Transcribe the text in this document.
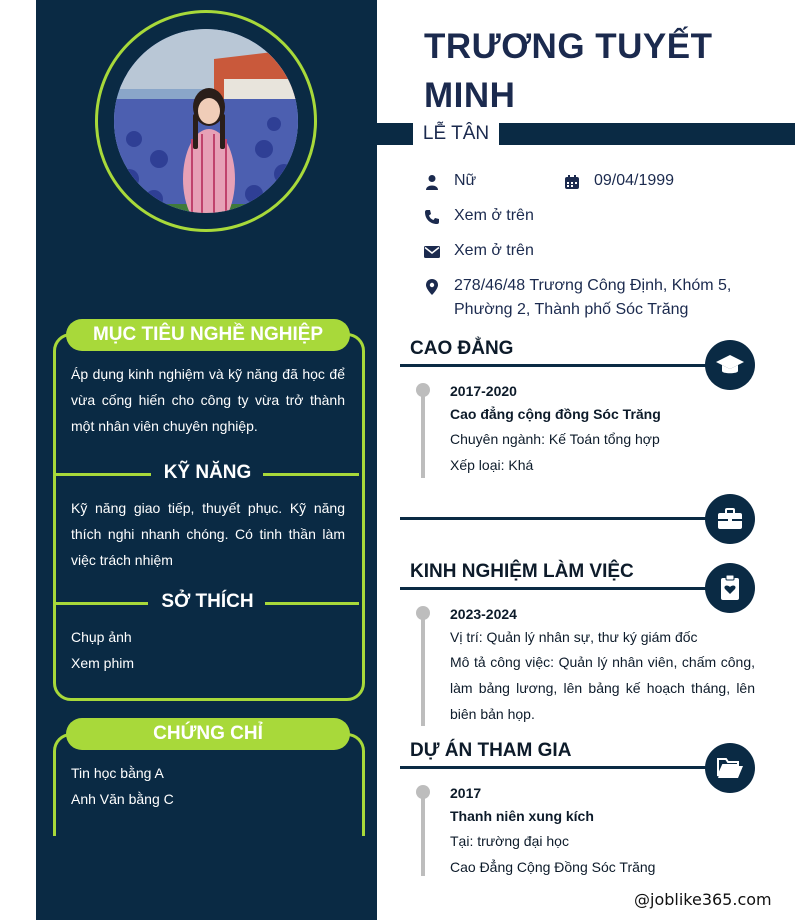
MỤC TIÊU NGHỀ NGHIỆP
Áp dụng kinh nghiệm và kỹ năng đã học để vừa cống hiến cho công ty vừa trở thành một nhân viên chuyên nghiệp.
KỸ NĂNG
Kỹ năng giao tiếp, thuyết phục. Kỹ năng thích nghi nhanh chóng. Có tinh thần làm việc trách nhiệm
SỞ THÍCH
Chụp ảnh
Xem phim
CHỨNG CHỈ
Tin học bằng A
Anh Văn bằng C
TRƯƠNG TUYẾT MINH
LỄ TÂN
Nữ	09/04/1999
Xem ở trên
Xem ở trên
278/46/48 Trương Công Định, Khóm 5, Phường 2, Thành phố Sóc Trăng
CAO ĐẲNG
2017-2020
Cao đẳng cộng đồng Sóc Trăng
Chuyên ngành: Kế Toán tổng hợp
Xếp loại: Khá
KINH NGHIỆM LÀM VIỆC
2023-2024
Vị trí: Quản lý nhân sự, thư ký giám đốc
Mô tả công việc: Quản lý nhân viên, chấm công, làm bảng lương, lên bảng kế hoạch tháng, lên biên bản họp.
DỰ ÁN THAM GIA
2017
Thanh niên xung kích
Tại: trường đại học
Cao Đẳng Cộng Đồng Sóc Trăng
@joblike365.com
